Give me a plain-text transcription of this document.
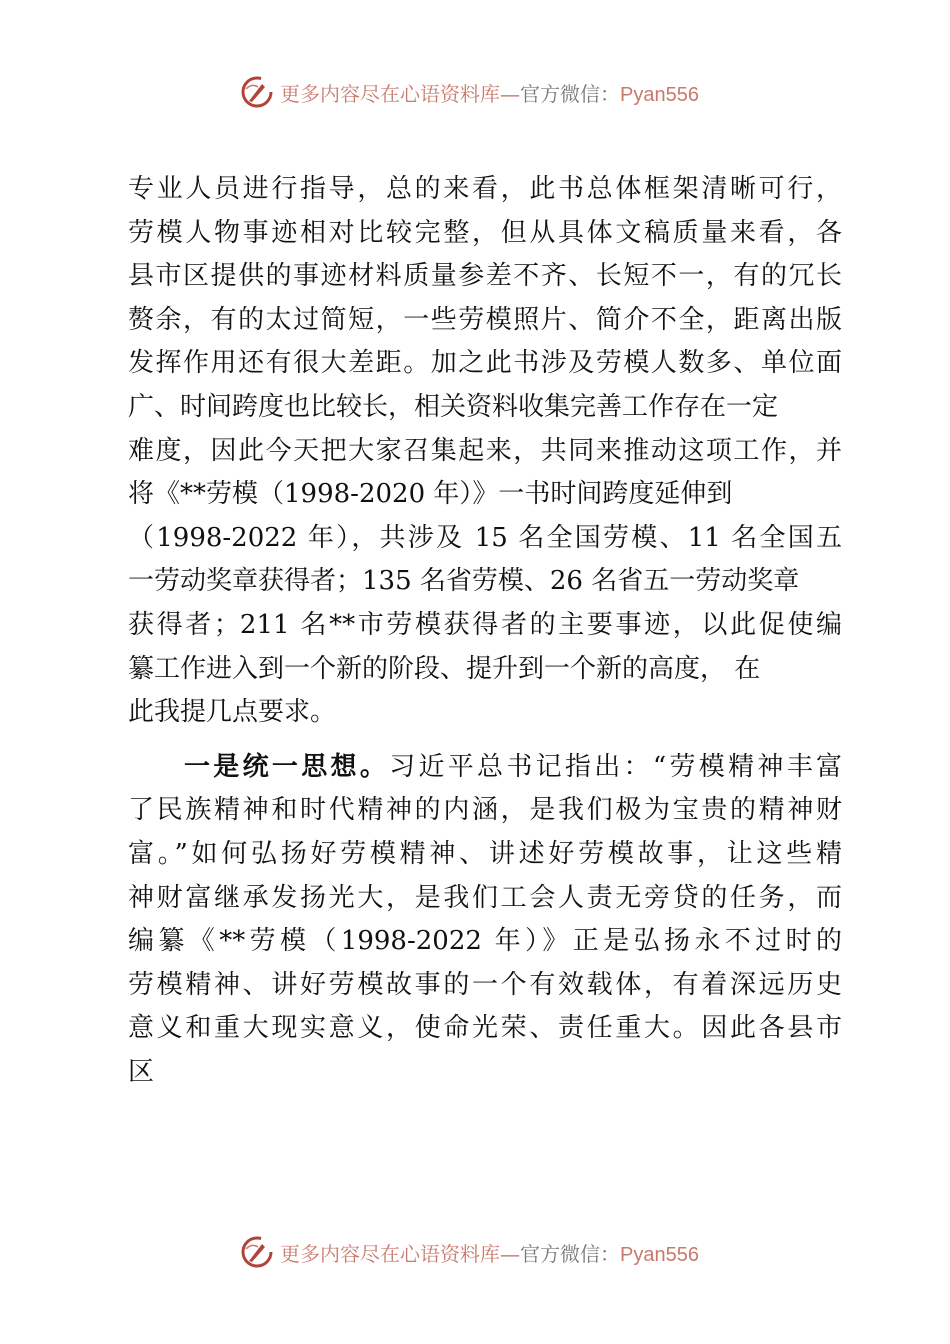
更多内容尽在心语资料库—官方微信：Pyan556
专业人员进行指导，总的来看，此书总体框架清晰可行，
劳模人物事迹相对比较完整，但从具体文稿质量来看，各
县市区提供的事迹材料质量参差不齐、长短不一，有的冗长
赘余，有的太过简短，一些劳模照片、简介不全，距离出版
发挥作用还有很大差距。加之此书涉及劳模人数多、单位面
广、时间跨度也比较长，相关资料收集完善工作存在一定
难度，因此今天把大家召集起来，共同来推动这项工作，并
将《**劳模（1998-2020 年）》一书时间跨度延伸到
（1998-2022 年），共涉及 15 名全国劳模、11 名全国五
一劳动奖章获得者；135 名省劳模、26 名省五一劳动奖章
获得者；211 名**市劳模获得者的主要事迹，以此促使编
纂工作进入到一个新的阶段、提升到一个新的高度， 在
此我提几点要求。
一是统一思想。习近平总书记指出：“劳模精神丰富
了民族精神和时代精神的内涵，是我们极为宝贵的精神财
富。”如何弘扬好劳模精神、讲述好劳模故事，让这些精
神财富继承发扬光大，是我们工会人责无旁贷的任务，而
编纂《**劳模（1998-2022 年）》正是弘扬永不过时的
劳模精神、讲好劳模故事的一个有效载体，有着深远历史
意义和重大现实意义，使命光荣、责任重大。因此各县市
区
更多内容尽在心语资料库—官方微信：Pyan556
